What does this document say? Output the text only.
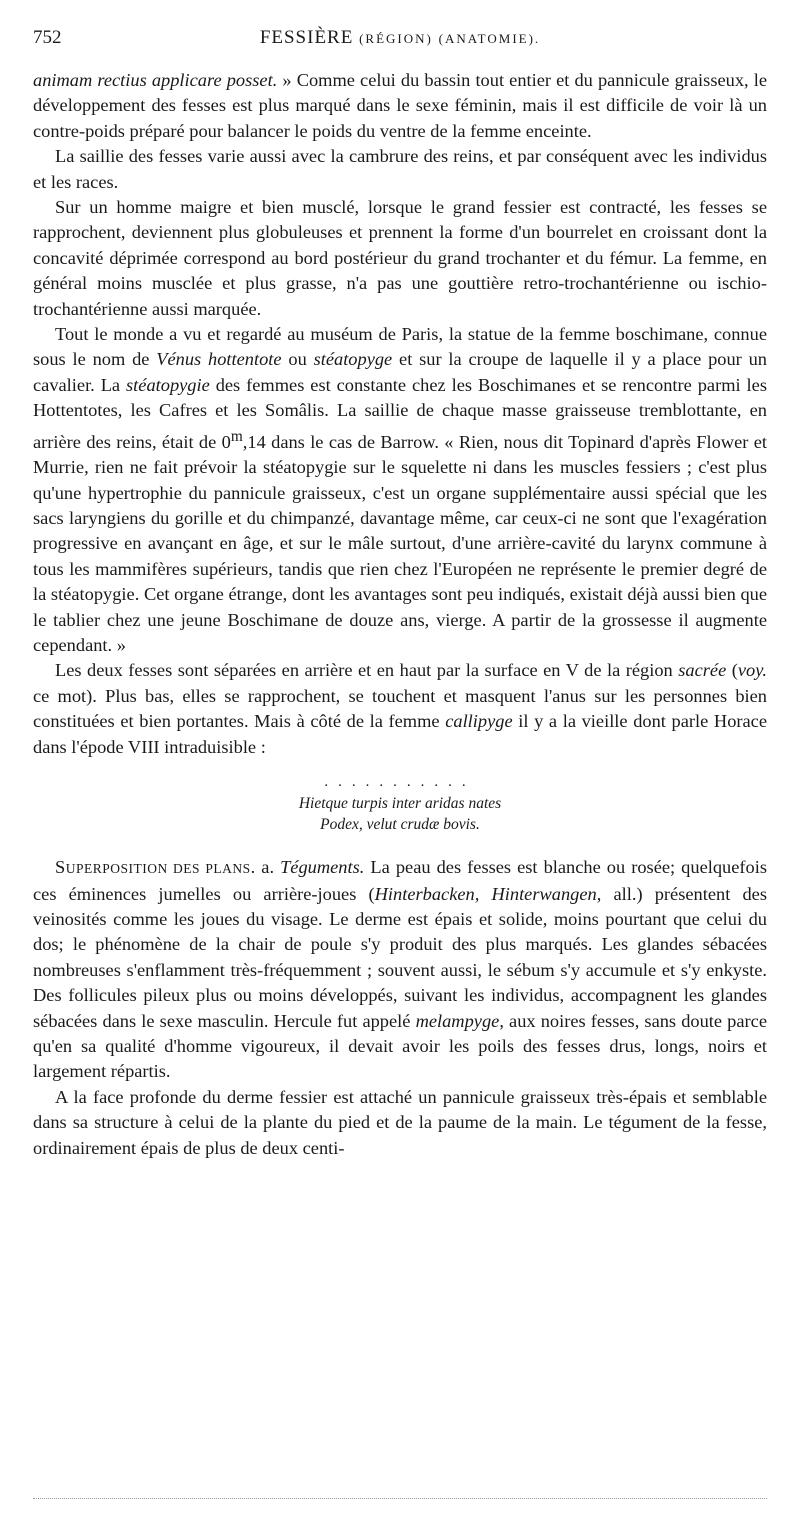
752	FESSIÈRE (RÉGION) (ANATOMIE).

animam rectius applicare posset. » Comme celui du bassin tout entier et du pannicule graisseux, le développement des fesses est plus marqué dans le sexe féminin, mais il est difficile de voir là un contre-poids préparé pour balancer le poids du ventre de la femme enceinte.

La saillie des fesses varie aussi avec la cambrure des reins, et par conséquent avec les individus et les races.

Sur un homme maigre et bien musclé, lorsque le grand fessier est contracté, les fesses se rapprochent, deviennent plus globuleuses et prennent la forme d'un bourrelet en croissant dont la concavité déprimée correspond au bord postérieur du grand trochanter et du fémur. La femme, en général moins musclée et plus grasse, n'a pas une gouttière retro-trochantérienne ou ischio-trochantérienne aussi marquée.

Tout le monde a vu et regardé au muséum de Paris, la statue de la femme boschimane, connue sous le nom de Vénus hottentote ou stéatopyge et sur la croupe de laquelle il y a place pour un cavalier. La stéatopygie des femmes est constante chez les Boschimanes et se rencontre parmi les Hottentotes, les Cafres et les Somâlis. La saillie de chaque masse graisseuse tremblottante, en arrière des reins, était de 0$^m$,14 dans le cas de Barrow. « Rien, nous dit Topinard d'après Flower et Murrie, rien ne fait prévoir la stéatopygie sur le squelette ni dans les muscles fessiers ; c'est plus qu'une hypertrophie du pannicule graisseux, c'est un organe supplémentaire aussi spécial que les sacs laryngiens du gorille et du chimpanzé, davantage même, car ceux-ci ne sont que l'exagération progressive en avançant en âge, et sur le mâle surtout, d'une arrière-cavité du larynx commune à tous les mammifères supérieurs, tandis que rien chez l'Européen ne représente le premier degré de la stéatopygie. Cet organe étrange, dont les avantages sont peu indiqués, existait déjà aussi bien que le tablier chez une jeune Boschimane de douze ans, vierge. A partir de la grossesse il augmente cependant. »

Les deux fesses sont séparées en arrière et en haut par la surface en V de la région sacrée (voy. ce mot). Plus bas, elles se rapprochent, se touchent et masquent l'anus sur les personnes bien constituées et bien portantes. Mais à côté de la femme callipyge il y a la vieille dont parle Horace dans l'épode VIII intraduisible :

...........
Hietque turpis inter aridas nates
Podex, velut crudæ bovis.

SUPERPOSITION DES PLANS. a. Téguments. La peau des fesses est blanche ou rosée; quelquefois ces éminences jumelles ou arrière-joues (Hinterbacken, Hinterwangen, all.) présentent des veinosités comme les joues du visage. Le derme est épais et solide, moins pourtant que celui du dos; le phénomène de la chair de poule s'y produit des plus marqués. Les glandes sébacées nombreuses s'enflamment très-fréquemment ; souvent aussi, le sébum s'y accumule et s'y enkyste. Des follicules pileux plus ou moins développés, suivant les individus, accompagnent les glandes sébacées dans le sexe masculin. Hercule fut appelé melampyge, aux noires fesses, sans doute parce qu'en sa qualité d'homme vigoureux, il devait avoir les poils des fesses drus, longs, noirs et largement répartis.

A la face profonde du derme fessier est attaché un pannicule graisseux très-épais et semblable dans sa structure à celui de la plante du pied et de la paume de la main. Le tégument de la fesse, ordinairement épais de plus de deux centi-
